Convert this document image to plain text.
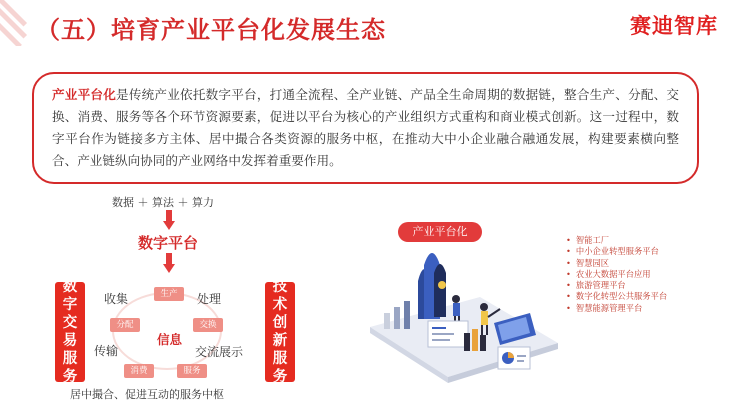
（五）培育产业平台化发展生态	赛迪智库
产业平台化是传统产业依托数字平台，打通全流程、全产业链、产品全生命周期的数据链，整合生产、分配、交换、消费、服务等各个环节资源要素，促进以平台为核心的产业组织方式重构和商业模式创新。这一过程中，数字平台作为链接多方主体、居中撮合各类资源的服务中枢，在推动大中小企业融合融通发展，构建要素横向整合、产业链纵向协同的产业网络中发挥着重要作用。
数据 ＋ 算法 ＋ 算力
数字平台
数
字
交
易
服
务
技
术
创
新
服
务
收集	处理
传输	交流展示
信息
生产
分配	交换
消费	服务
居中撮合、促进互动的服务中枢
产业平台化
• 智能工厂
• 中小企业转型服务平台
• 智慧园区
• 农业大数据平台应用
• 旅游管理平台
• 数字化转型公共服务平台
• 智慧能源管理平台
